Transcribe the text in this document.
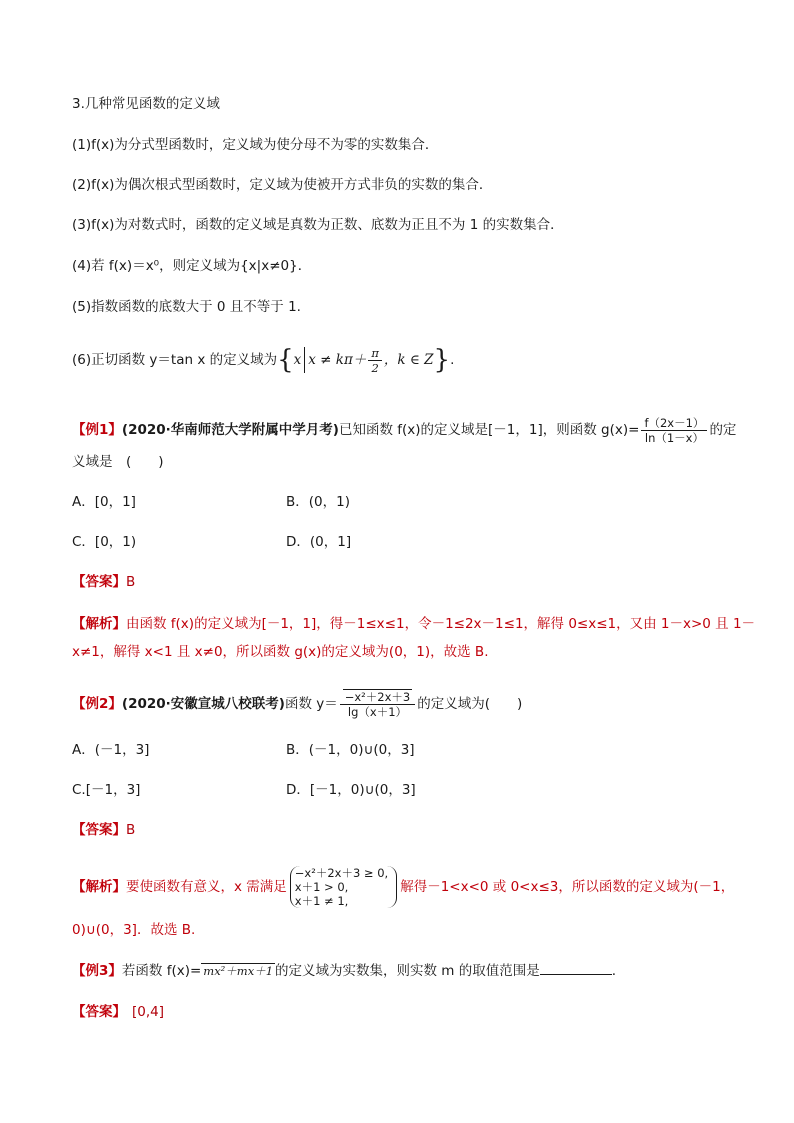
3.几种常见函数的定义域
(1)f(x)为分式型函数时，定义域为使分母不为零的实数集合．
(2)f(x)为偶次根式型函数时，定义域为使被开方式非负的实数的集合．
(3)f(x)为对数式时，函数的定义域是真数为正数、底数为正且不为 1 的实数集合．
(4)若 f(x)＝x⁰，则定义域为{x|x≠0}．
(5)指数函数的底数大于 0 且不等于 1.
(6)正切函数 y＝tan x 的定义域为{x $x \ne k\pi+ \frac{\pi}{2}$ ，k ∈ Z}.
【例1】(2020·华南师范大学附属中学月考)已知函数 f(x)的定义域是[－1，1]，则函数 $g(x)= \frac{f(2x-1)}{\ln(1-x)}$ 的定
义域是　(　　)
A．[0，1]	B．(0，1)
C．[0，1)	D．(0，1]
【答案】B
【解析】由函数 f(x)的定义域为[－1，1]，得－1≤x≤1，令－1≤2x－1≤1，解得 0≤x≤1，又由 1－x>0 且 1－
x≠1，解得 x<1 且 x≠0，所以函数 g(x)的定义域为(0，1)，故选 B.
【例2】(2020·安徽宣城八校联考)函数 $y= \frac{\text{−x²＋2x＋3}}{\lg(x+1)}$ 的定义域为(　　)
A．(－1，3]	B．(－1，0)∪(0，3]
C.[－1，3]	D．[－1，0)∪(0，3]
【答案】B
【解析】要使函数有意义，x 需满足
−x²＋2x＋3 ≥ 0,
x＋1 > 0,
x＋1 ≠ 1,
解得－1<x<0 或 0<x≤3，所以函数的定义域为(－1，
0)∪(0，3]．故选 B.
【例3】若函数 f(x)= mx²＋mx＋1 的定义域为实数集，则实数 m 的取值范围是	.
【答案】 [0,4]
